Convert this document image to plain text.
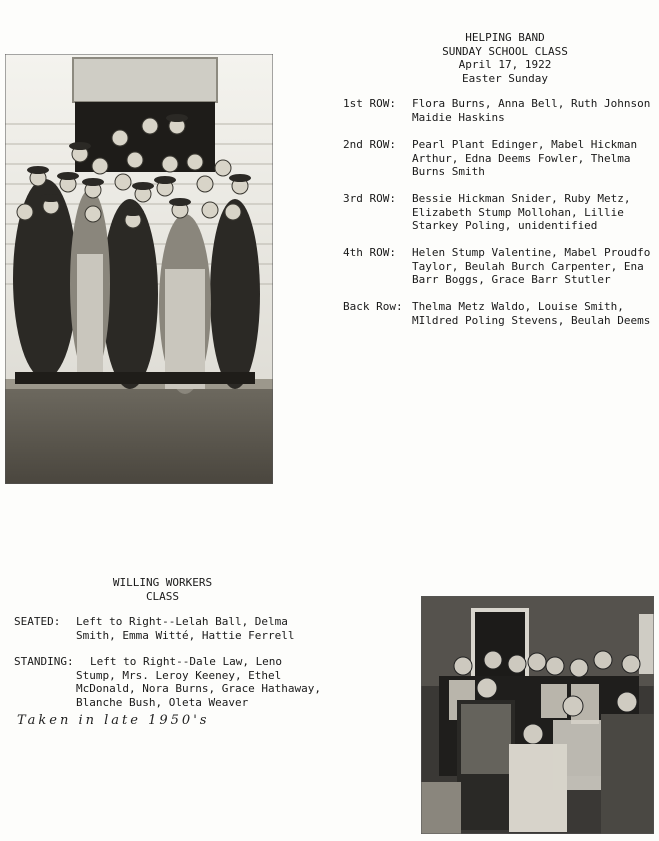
HELPING BAND
SUNDAY SCHOOL CLASS
April 17, 1922
Easter Sunday
1st ROW:	Flora Burns, Anna Bell, Ruth Johnson
Maidie Haskins
2nd ROW:	Pearl Plant Edinger, Mabel Hickman
Arthur, Edna Deems Fowler, Thelma
Burns Smith
3rd ROW:	Bessie Hickman Snider, Ruby Metz,
Elizabeth Stump Mollohan, Lillie
Starkey Poling, unidentified
4th ROW:	Helen Stump Valentine, Mabel Proudfo
Taylor, Beulah Burch Carpenter, Ena
Barr Boggs, Grace Barr Stutler
Back Row: Thelma Metz Waldo, Louise Smith,
MIldred Poling Stevens, Beulah Deems
WILLING WORKERS
CLASS
SEATED: Left to Right--Lelah Ball, Delma
Smith, Emma Witté, Hattie Ferrell
STANDING: Left to Right--Dale Law, Leno
Stump, Mrs. Leroy Keeney, Ethel
McDonald, Nora Burns, Grace Hathaway,
Blanche Bush, Oleta Weaver
Taken in late 1950's
